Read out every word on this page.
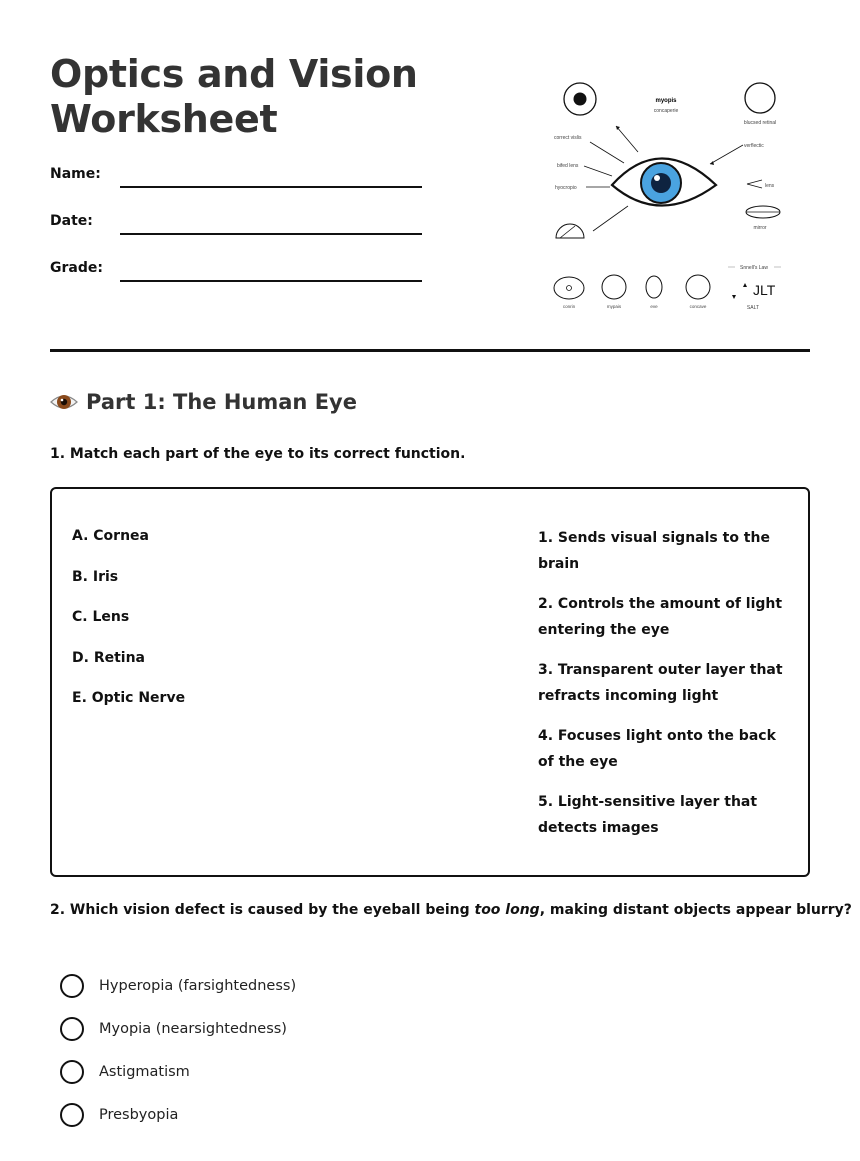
Optics and Vision
Worksheet
Name:
Date:
Grade:
myopis
concaperie
blucsed retinal
correct vislis
verflectic
bifed lens
hyocropio	lens
mirror
Snnell's Law
JLT
SALT
conrin	mypais	eve	concave
Part 1: The Human Eye
1. Match each part of the eye to its correct function.
A. Cornea
B. Iris
C. Lens
D. Retina
E. Optic Nerve
1. Sends visual signals to the brain
2. Controls the amount of light entering the eye
3. Transparent outer layer that refracts incoming light
4. Focuses light onto the back of the eye
5. Light-sensitive layer that detects images
2. Which vision defect is caused by the eyeball being too long, making distant objects appear blurry?
Hyperopia (farsightedness)
Myopia (nearsightedness)
Astigmatism
Presbyopia
